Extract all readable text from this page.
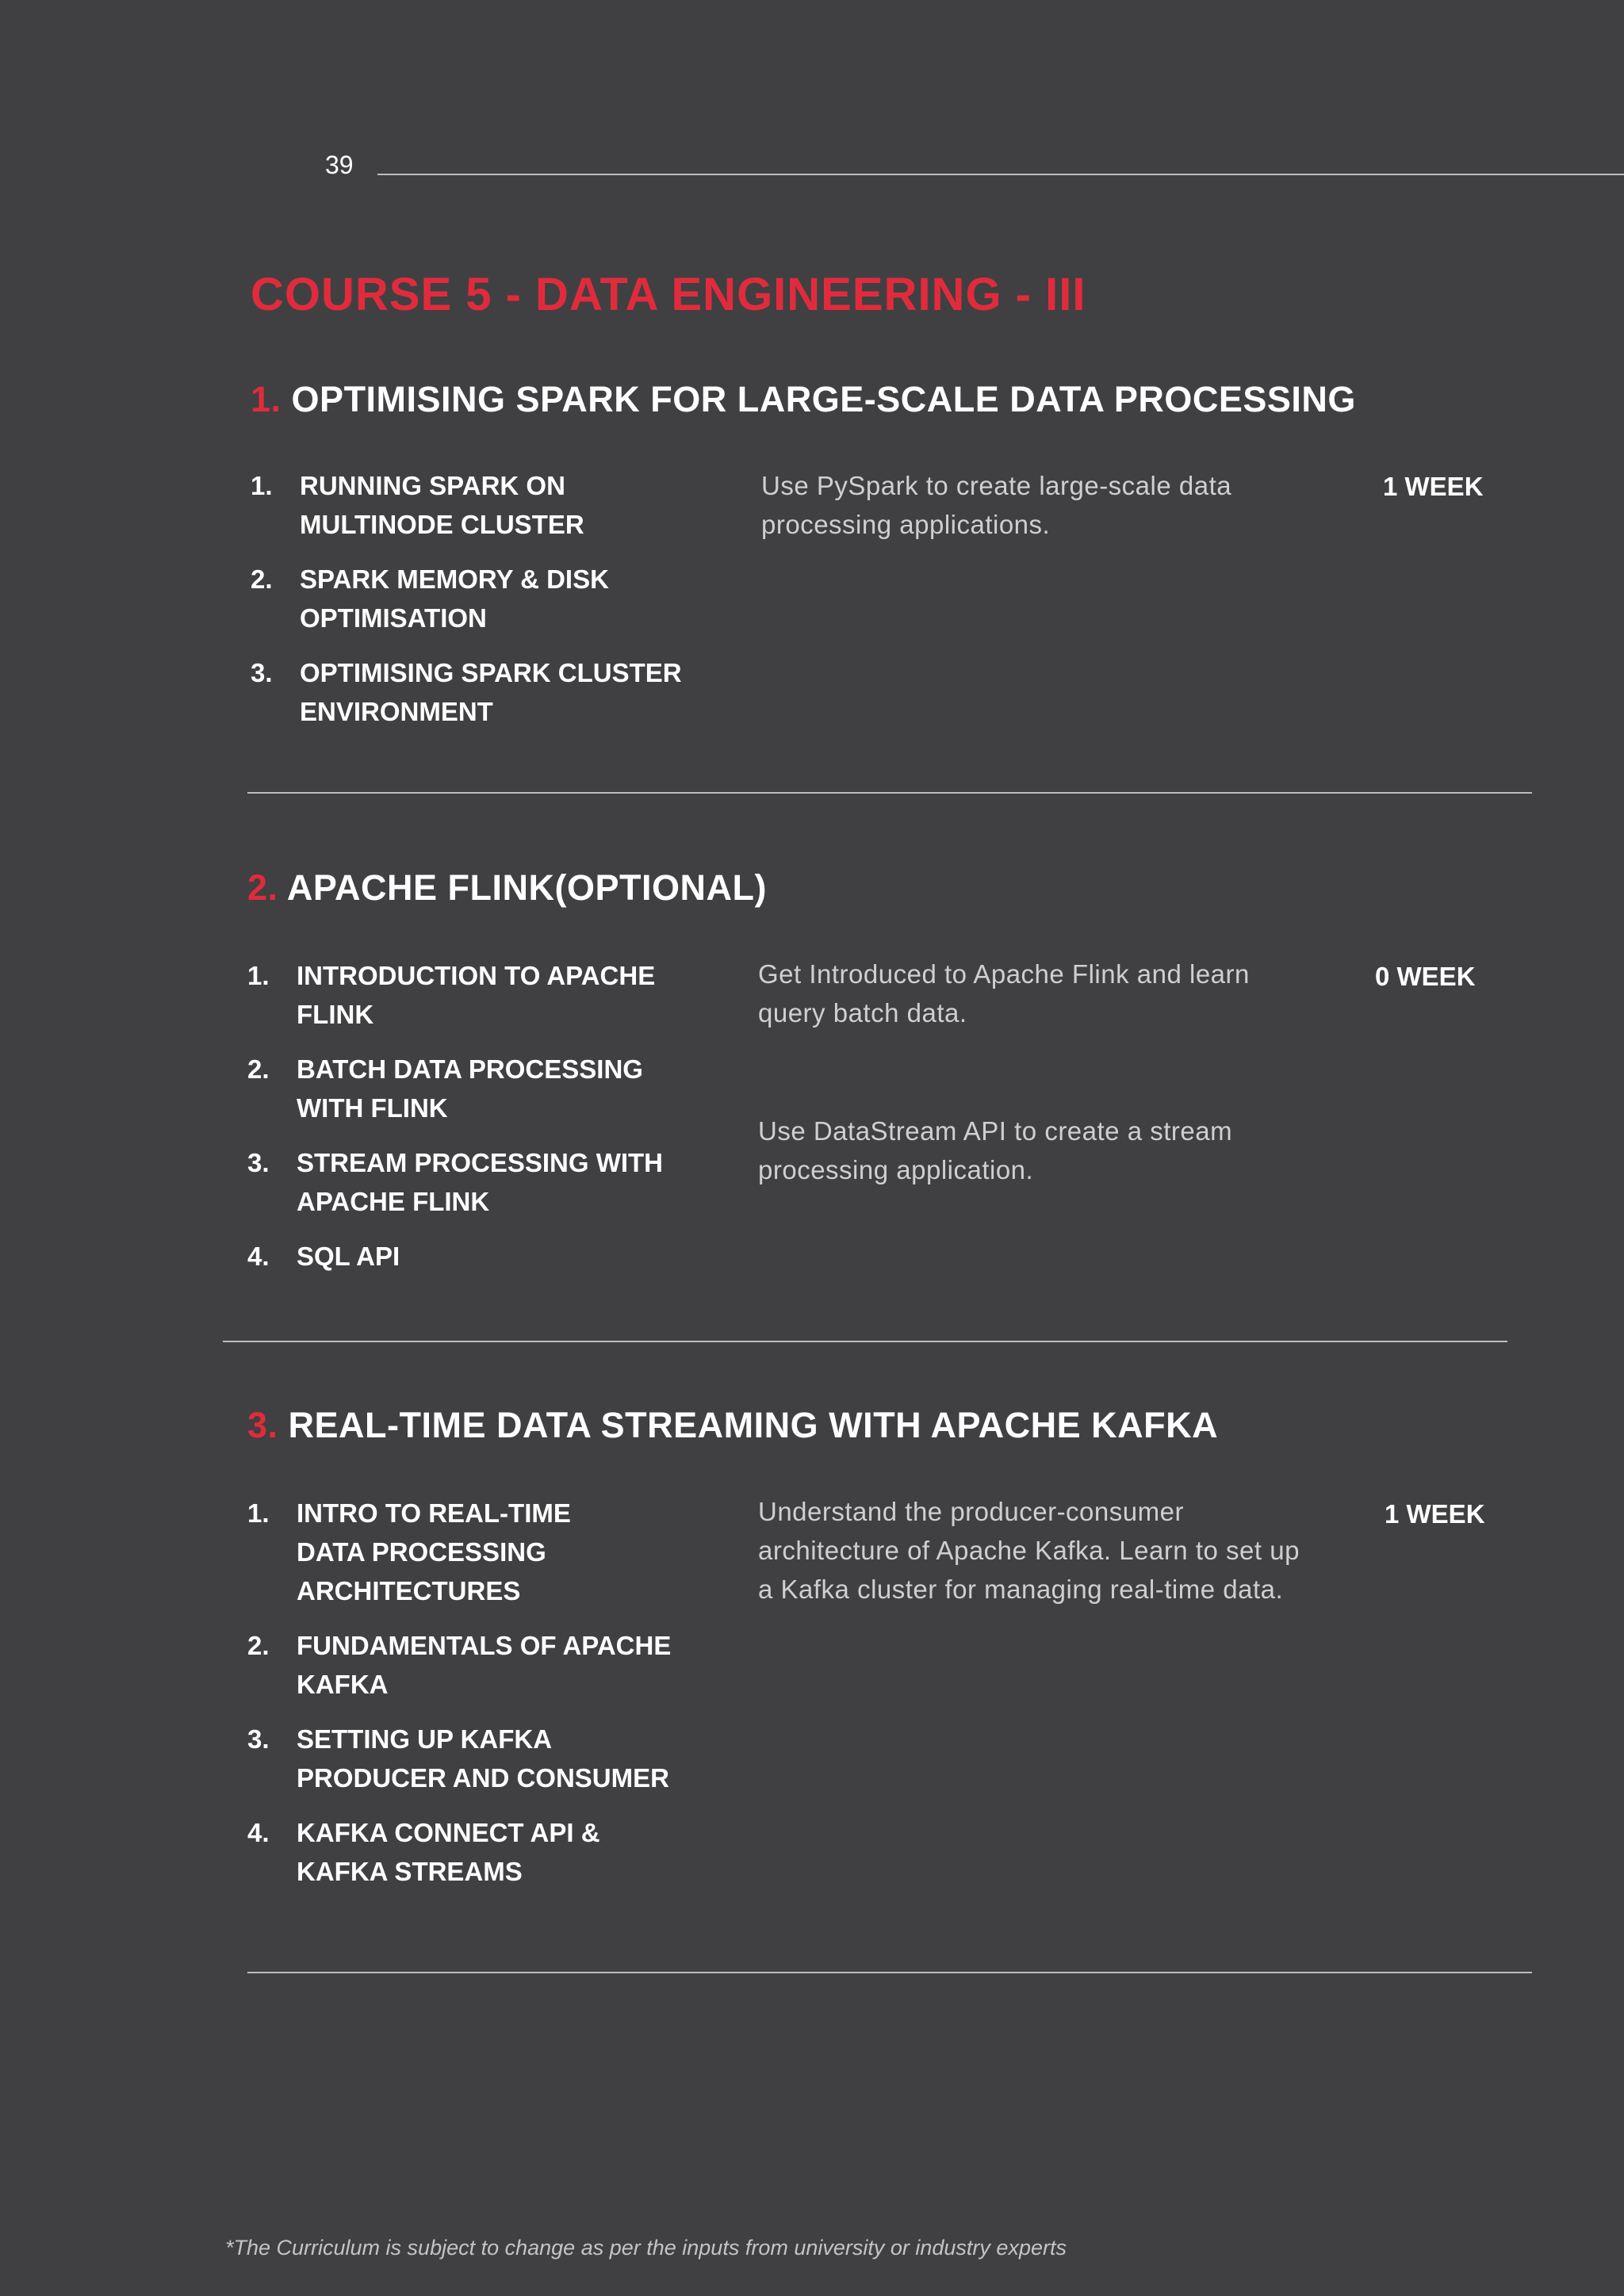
39
COURSE 5 - DATA ENGINEERING - III
1. OPTIMISING SPARK FOR LARGE-SCALE DATA PROCESSING
1. RUNNING SPARK ON
MULTINODE CLUSTER
2. SPARK MEMORY & DISK
OPTIMISATION
3. OPTIMISING SPARK CLUSTER
ENVIRONMENT
Use PySpark to create large-scale data
processing applications.
1 WEEK
2. APACHE FLINK(OPTIONAL)
1. INTRODUCTION TO APACHE
FLINK
2. BATCH DATA PROCESSING
WITH FLINK
3. STREAM PROCESSING WITH
APACHE FLINK
4. SQL API
Get Introduced to Apache Flink and learn
query batch data.
Use DataStream API to create a stream
processing application.
0 WEEK
3. REAL-TIME DATA STREAMING WITH APACHE KAFKA
1. INTRO TO REAL-TIME
DATA PROCESSING
ARCHITECTURES
2. FUNDAMENTALS OF APACHE
KAFKA
3. SETTING UP KAFKA
PRODUCER AND CONSUMER
4. KAFKA CONNECT API &
KAFKA STREAMS
Understand the producer-consumer
architecture of Apache Kafka. Learn to set up
a Kafka cluster for managing real-time data.
1 WEEK
*The Curriculum is subject to change as per the inputs from university or industry experts
